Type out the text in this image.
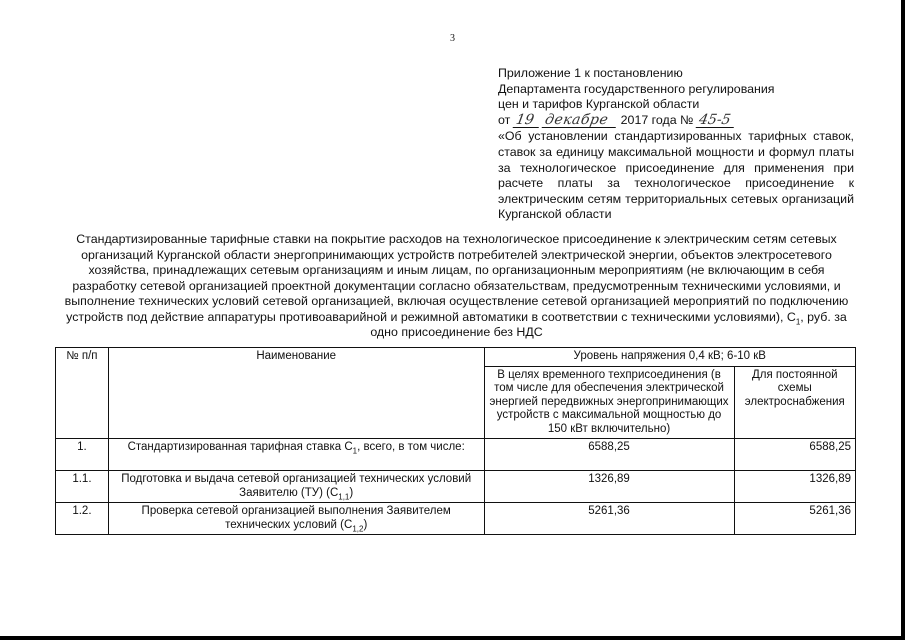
3
Приложение 1 к постановлению
Департамента государственного регулирования
цен и тарифов Курганской области
от 19 декабре 2017 года № 45-5
«Об установлении стандартизированных тарифных ставок, ставок за единицу максимальной мощности и формул платы за технологическое присоединение для применения при расчете платы за технологическое присоединение к электрическим сетям территориальных сетевых организаций Курганской области
Стандартизированные тарифные ставки на покрытие расходов на технологическое присоединение к электрическим сетям сетевых организаций Курганской области энергопринимающих устройств потребителей электрической энергии, объектов электросетевого хозяйства, принадлежащих сетевым организациям и иным лицам, по организационным мероприятиям (не включающим в себя разработку сетевой организацией проектной документации согласно обязательствам, предусмотренным техническими условиями, и выполнение технических условий сетевой организацией, включая осуществление сетевой организацией мероприятий по подключению устройств под действие аппаратуры противоаварийной и режимной автоматики в соответствии с техническими условиями), $С_1$, руб. за одно присоединение без НДС
№ п/п	Наименование	Уровень напряжения 0,4 кВ; 6-10 кВ	
		В целях временного техприсоединения (в том числе для обеспечения электрической энергией передвижных энергопринимающих устройств с максимальной мощностью до 150 кВт включительно)	Для постоянной схемы электроснабжения
1.	Стандартизированная тарифная ставка $С_1$, всего, в том числе:	6588,25	6588,25
1.1.	Подготовка и выдача сетевой организацией технических условий Заявителю (ТУ) $(С_{1,1})$	1326,89	1326,89
1.2.	Проверка сетевой организацией выполнения Заявителем технических условий $(С_{1,2})$	5261,36	5261,36
